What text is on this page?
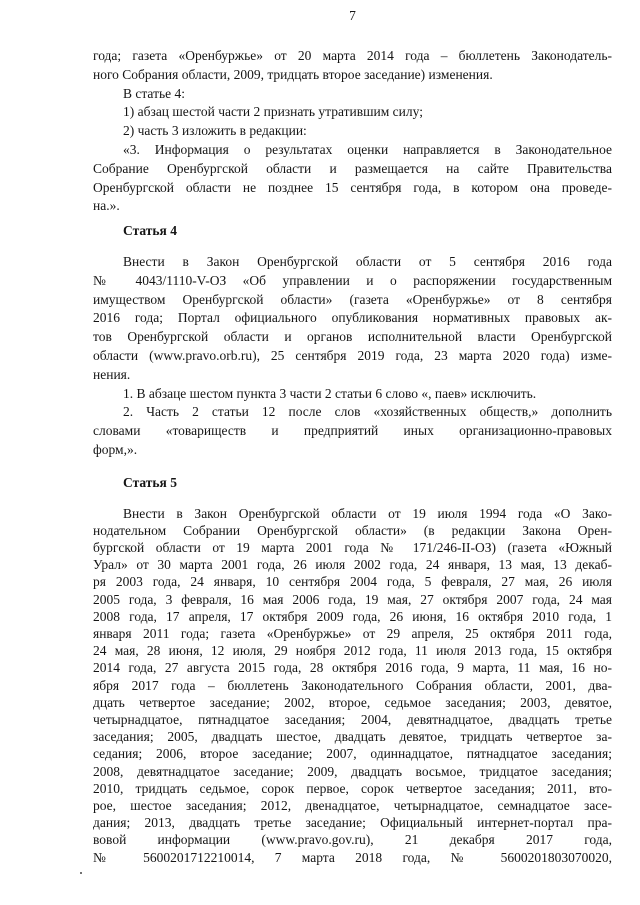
7
года; газета «Оренбуржье» от 20 марта 2014 года – бюллетень Законодатель-
ного Собрания области, 2009, тридцать второе заседание) изменения.
В статье 4:
1) абзац шестой части 2 признать утратившим силу;
2) часть 3 изложить в редакции:
«3. Информация о результатах оценки направляется в Законодательное
Собрание Оренбургской области и размещается на сайте Правительства
Оренбургской области не позднее 15 сентября года, в котором она проведе-
на.».
Статья 4
Внести в Закон Оренбургской области от 5 сентября 2016 года
№ 4043/1110-V-ОЗ «Об управлении и о распоряжении государственным
имуществом Оренбургской области» (газета «Оренбуржье» от 8 сентября
2016 года; Портал официального опубликования нормативных правовых ак-
тов Оренбургской области и органов исполнительной власти Оренбургской
области (www.pravo.orb.ru), 25 сентября 2019 года, 23 марта 2020 года) изме-
нения.
1. В абзаце шестом пункта 3 части 2 статьи 6 слово «, паев» исключить.
2. Часть 2 статьи 12 после слов «хозяйственных обществ,» дополнить
словами «товариществ и предприятий иных организационно-правовых
форм,».
Статья 5
Внести в Закон Оренбургской области от 19 июля 1994 года «О Зако-
нодательном Собрании Оренбургской области» (в редакции Закона Орен-
бургской области от 19 марта 2001 года № 171/246-II-ОЗ) (газета «Южный
Урал» от 30 марта 2001 года, 26 июля 2002 года, 24 января, 13 мая, 13 декаб-
ря 2003 года, 24 января, 10 сентября 2004 года, 5 февраля, 27 мая, 26 июля
2005 года, 3 февраля, 16 мая 2006 года, 19 мая, 27 октября 2007 года, 24 мая
2008 года, 17 апреля, 17 октября 2009 года, 26 июня, 16 октября 2010 года, 1
января 2011 года; газета «Оренбуржье» от 29 апреля, 25 октября 2011 года,
24 мая, 28 июня, 12 июля, 29 ноября 2012 года, 11 июля 2013 года, 15 октября
2014 года, 27 августа 2015 года, 28 октября 2016 года, 9 марта, 11 мая, 16 но-
ября 2017 года – бюллетень Законодательного Собрания области, 2001, два-
дцать четвертое заседание; 2002, второе, седьмое заседания; 2003, девятое,
четырнадцатое, пятнадцатое заседания; 2004, девятнадцатое, двадцать третье
заседания; 2005, двадцать шестое, двадцать девятое, тридцать четвертое за-
седания; 2006, второе заседание; 2007, одиннадцатое, пятнадцатое заседания;
2008, девятнадцатое заседание; 2009, двадцать восьмое, тридцатое заседания;
2010, тридцать седьмое, сорок первое, сорок четвертое заседания; 2011, вто-
рое, шестое заседания; 2012, двенадцатое, четырнадцатое, семнадцатое засе-
дания; 2013, двадцать третье заседание; Официальный интернет-портал пра-
вовой информации (www.pravo.gov.ru), 21 декабря 2017 года,
№ 5600201712210014, 7 марта 2018 года, № 5600201803070020,
